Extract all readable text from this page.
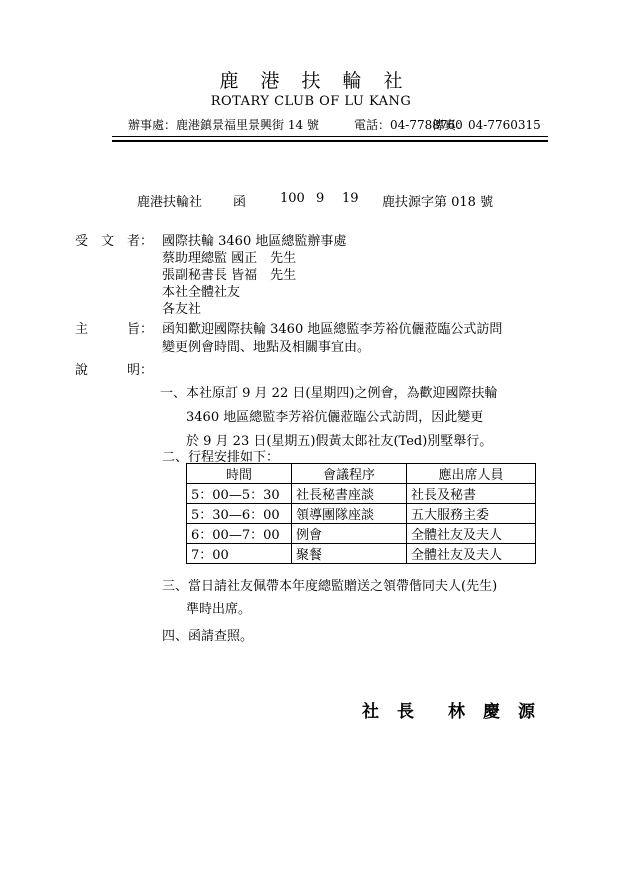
鹿港扶輪社
ROTARY CLUB OF LU KANG
辦事處：鹿港鎮景福里景興街 14 號	電話：04-7788760
傳真：04-7760315
鹿港扶輪社 函	100 9 19 鹿扶源字第 018 號
受　文　者： 國際扶輪 3460 地區總監辦事處
蔡助理總監 國正　先生
張副秘書長 皆福　先生
本社全體社友
各友社
主　　　旨： 函知歡迎國際扶輪 3460 地區總監李芳裕伉儷蒞臨公式訪問
變更例會時間、地點及相關事宜由。
說　　　明：
一、本社原訂 9 月 22 日(星期四)之例會，為歡迎國際扶輪
3460 地區總監李芳裕伉儷蒞臨公式訪問，因此變更
於 9 月 23 日(星期五)假黃太郎社友(Ted)別墅舉行。
二、行程安排如下：
時間	會議程序	應出席人員
5：00—5：30	社長秘書座談	社長及秘書
5：30—6：00	領導團隊座談	五大服務主委
6：00—7：00	例會	全體社友及夫人
7：00	聚餐	全體社友及夫人
三、當日請社友佩帶本年度總監贈送之領帶偕同夫人(先生)
準時出席。
四、函請查照。
社長 林慶源
